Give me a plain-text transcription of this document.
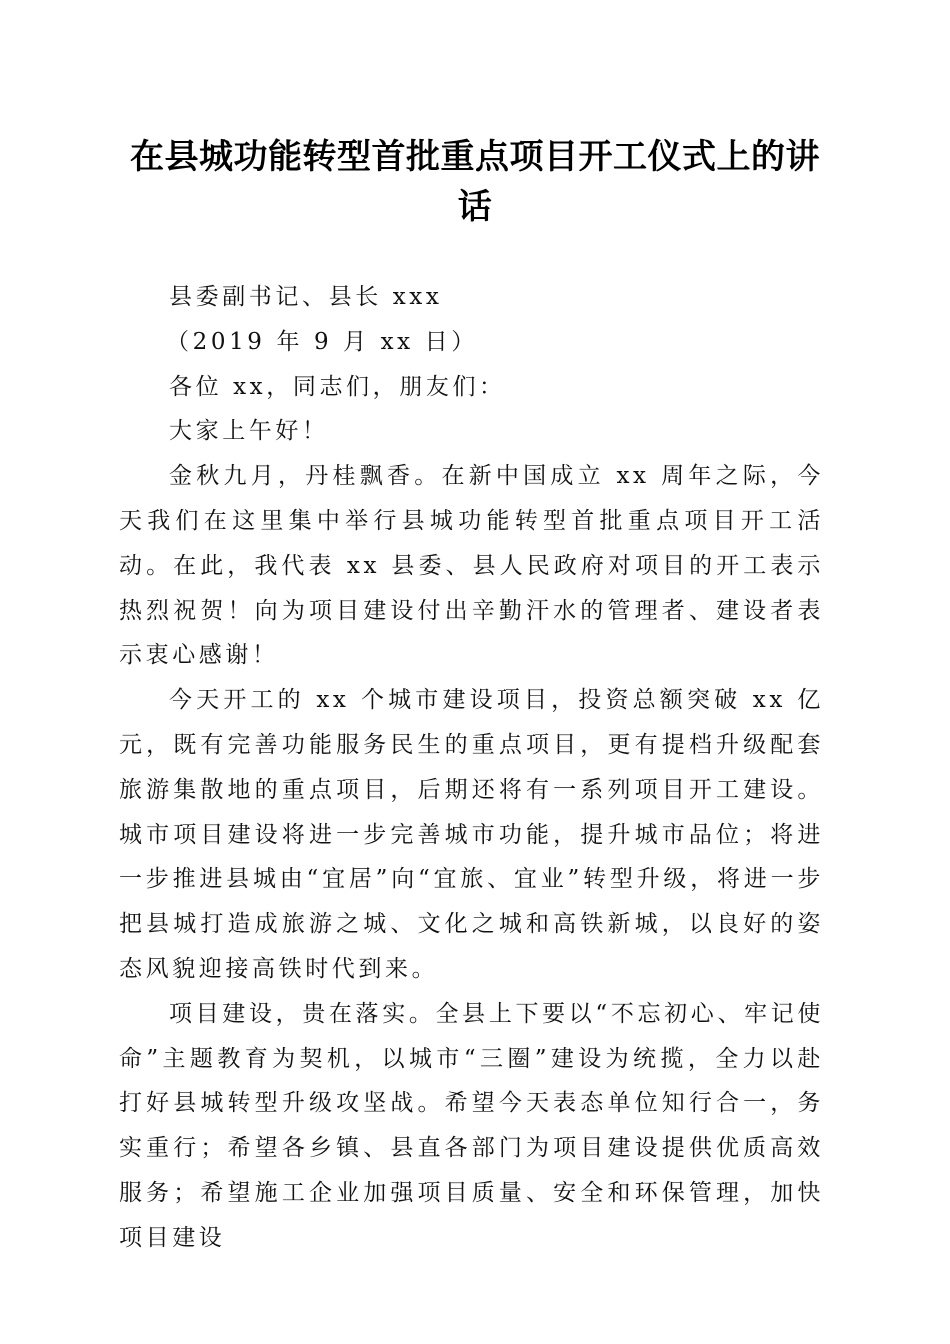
在县城功能转型首批重点项目开工仪式上的讲话

县委副书记、县长 xxx

（2019 年 9 月 xx 日）

各位 xx，同志们，朋友们：

大家上午好！

金秋九月，丹桂飘香。在新中国成立 xx 周年之际，今天我们在这里集中举行县城功能转型首批重点项目开工活动。在此，我代表 xx 县委、县人民政府对项目的开工表示热烈祝贺！向为项目建设付出辛勤汗水的管理者、建设者表示衷心感谢！

今天开工的 xx 个城市建设项目，投资总额突破 xx 亿元，既有完善功能服务民生的重点项目，更有提档升级配套旅游集散地的重点项目，后期还将有一系列项目开工建设。城市项目建设将进一步完善城市功能，提升城市品位；将进一步推进县城由“宜居”向“宜旅、宜业”转型升级，将进一步把县城打造成旅游之城、文化之城和高铁新城，以良好的姿态风貌迎接高铁时代到来。

项目建设，贵在落实。全县上下要以“不忘初心、牢记使命”主题教育为契机，以城市“三圈”建设为统揽，全力以赴打好县城转型升级攻坚战。希望今天表态单位知行合一，务实重行；希望各乡镇、县直各部门为项目建设提供优质高效服务；希望施工企业加强项目质量、安全和环保管理，加快项目建设
